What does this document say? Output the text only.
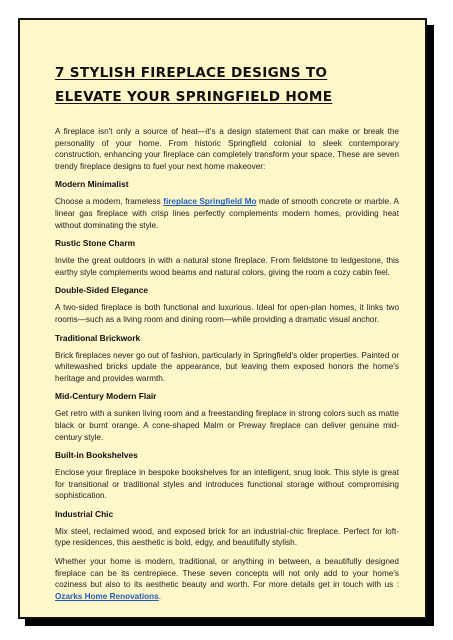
7 STYLISH FIREPLACE DESIGNS TO ELEVATE YOUR SPRINGFIELD HOME

A fireplace isn't only a source of heat—it's a design statement that can make or break the personality of your home. From historic Springfield colonial to sleek contemporary construction, enhancing your fireplace can completely transform your space. These are seven trendy fireplace designs to fuel your next home makeover:

Modern Minimalist

Choose a modern, frameless fireplace Springfield Mo made of smooth concrete or marble. A linear gas fireplace with crisp lines perfectly complements modern homes, providing heat without dominating the style.

Rustic Stone Charm

Invite the great outdoors in with a natural stone fireplace. From fieldstone to ledgestone, this earthy style complements wood beams and natural colors, giving the room a cozy cabin feel.

Double-Sided Elegance

A two-sided fireplace is both functional and luxurious. Ideal for open-plan homes, it links two rooms—such as a living room and dining room—while providing a dramatic visual anchor.

Traditional Brickwork

Brick fireplaces never go out of fashion, particularly in Springfield's older properties. Painted or whitewashed bricks update the appearance, but leaving them exposed honors the home's heritage and provides warmth.

Mid-Century Modern Flair

Get retro with a sunken living room and a freestanding fireplace in strong colors such as matte black or burnt orange. A cone-shaped Malm or Preway fireplace can deliver genuine mid-century style.

Built-in Bookshelves

Enclose your fireplace in bespoke bookshelves for an intelligent, snug look. This style is great for transitional or traditional styles and introduces functional storage without compromising sophistication.

Industrial Chic

Mix steel, reclaimed wood, and exposed brick for an industrial-chic fireplace. Perfect for loft-type residences, this aesthetic is bold, edgy, and beautifully stylish.

Whether your home is modern, traditional, or anything in between, a beautifully designed fireplace can be its centrepiece. These seven concepts will not only add to your home's coziness but also to its aesthetic beauty and worth. For more details get in touch with us : Ozarks Home Renovations.
